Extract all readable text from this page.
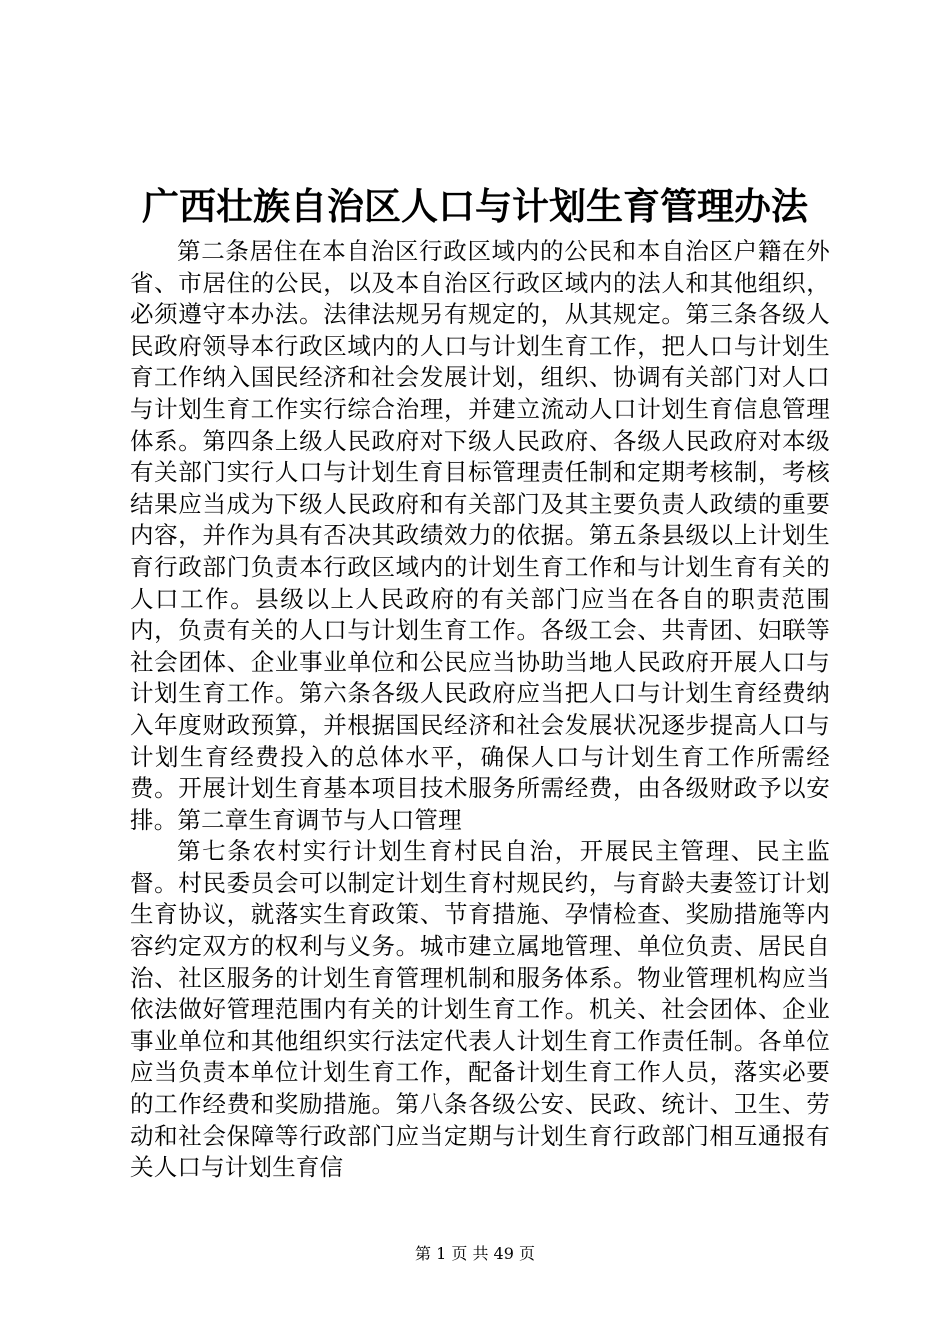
广西壮族自治区人口与计划生育管理办法

第二条居住在本自治区行政区域内的公民和本自治区户籍在外省、市居住的公民，以及本自治区行政区域内的法人和其他组织，必须遵守本办法。法律法规另有规定的，从其规定。第三条各级人民政府领导本行政区域内的人口与计划生育工作，把人口与计划生育工作纳入国民经济和社会发展计划，组织、协调有关部门对人口与计划生育工作实行综合治理，并建立流动人口计划生育信息管理体系。第四条上级人民政府对下级人民政府、各级人民政府对本级有关部门实行人口与计划生育目标管理责任制和定期考核制，考核结果应当成为下级人民政府和有关部门及其主要负责人政绩的重要内容，并作为具有否决其政绩效力的依据。第五条县级以上计划生育行政部门负责本行政区域内的计划生育工作和与计划生育有关的人口工作。县级以上人民政府的有关部门应当在各自的职责范围内，负责有关的人口与计划生育工作。各级工会、共青团、妇联等社会团体、企业事业单位和公民应当协助当地人民政府开展人口与计划生育工作。第六条各级人民政府应当把人口与计划生育经费纳入年度财政预算，并根据国民经济和社会发展状况逐步提高人口与计划生育经费投入的总体水平，确保人口与计划生育工作所需经费。开展计划生育基本项目技术服务所需经费，由各级财政予以安排。第二章生育调节与人口管理

第七条农村实行计划生育村民自治，开展民主管理、民主监督。村民委员会可以制定计划生育村规民约，与育龄夫妻签订计划生育协议，就落实生育政策、节育措施、孕情检查、奖励措施等内容约定双方的权利与义务。城市建立属地管理、单位负责、居民自治、社区服务的计划生育管理机制和服务体系。物业管理机构应当依法做好管理范围内有关的计划生育工作。机关、社会团体、企业事业单位和其他组织实行法定代表人计划生育工作责任制。各单位应当负责本单位计划生育工作，配备计划生育工作人员，落实必要的工作经费和奖励措施。第八条各级公安、民政、统计、卫生、劳动和社会保障等行政部门应当定期与计划生育行政部门相互通报有关人口与计划生育信

第 1 页 共 49 页
